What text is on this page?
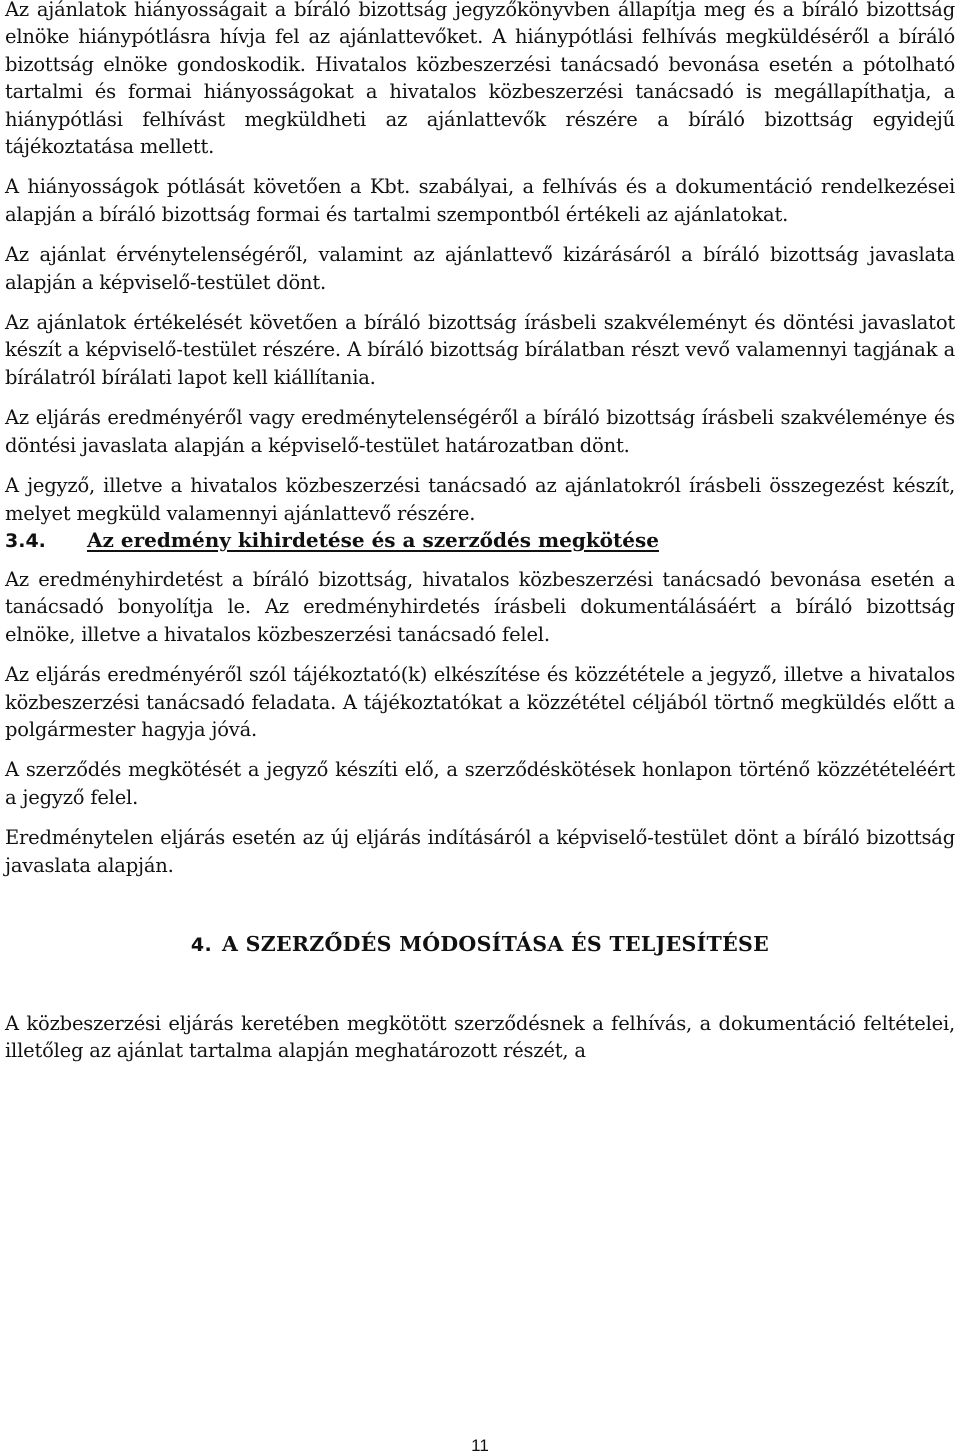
Az ajánlatok hiányosságait a bíráló bizottság jegyzőkönyvben állapítja meg és a bíráló bizottság elnöke hiánypótlásra hívja fel az ajánlattevőket. A hiánypótlási felhívás megküldéséről a bíráló bizottság elnöke gondoskodik. Hivatalos közbeszerzési tanácsadó bevonása esetén a pótolható tartalmi és formai hiányosságokat a hivatalos közbeszerzési tanácsadó is megállapíthatja, a hiánypótlási felhívást megküldheti az ajánlattevők részére a bíráló bizottság egyidejű tájékoztatása mellett.

A hiányosságok pótlását követően a Kbt. szabályai, a felhívás és a dokumentáció rendelkezései alapján a bíráló bizottság formai és tartalmi szempontból értékeli az ajánlatokat.

Az ajánlat érvénytelenségéről, valamint az ajánlattevő kizárásáról a bíráló bizottság javaslata alapján a képviselő-testület dönt.

Az ajánlatok értékelését követően a bíráló bizottság írásbeli szakvéleményt és döntési javaslatot készít a képviselő-testület részére. A bíráló bizottság bírálatban részt vevő valamennyi tagjának a bírálatról bírálati lapot kell kiállítania.

Az eljárás eredményéről vagy eredménytelenségéről a bíráló bizottság írásbeli szakvéleménye és döntési javaslata alapján a képviselő-testület határozatban dönt.

A jegyző, illetve a hivatalos közbeszerzési tanácsadó az ajánlatokról írásbeli összegezést készít, melyet megküld valamennyi ajánlattevő részére.

3.4. Az eredmény kihirdetése és a szerződés megkötése

Az eredményhirdetést a bíráló bizottság, hivatalos közbeszerzési tanácsadó bevonása esetén a tanácsadó bonyolítja le. Az eredményhirdetés írásbeli dokumentálásáért a bíráló bizottság elnöke, illetve a hivatalos közbeszerzési tanácsadó felel.

Az eljárás eredményéről szól tájékoztató(k) elkészítése és közzététele a jegyző, illetve a hivatalos közbeszerzési tanácsadó feladata. A tájékoztatókat a közzététel céljából törtnő megküldés előtt a polgármester hagyja jóvá.

A szerződés megkötését a jegyző készíti elő, a szerződéskötések honlapon történő közzétételéért a jegyző felel.

Eredménytelen eljárás esetén az új eljárás indításáról a képviselő-testület dönt a bíráló bizottság javaslata alapján.

4. A SZERZŐDÉS MÓDOSÍTÁSA ÉS TELJESÍTÉSE

A közbeszerzési eljárás keretében megkötött szerződésnek a felhívás, a dokumentáció feltételei, illetőleg az ajánlat tartalma alapján meghatározott részét, a

11
